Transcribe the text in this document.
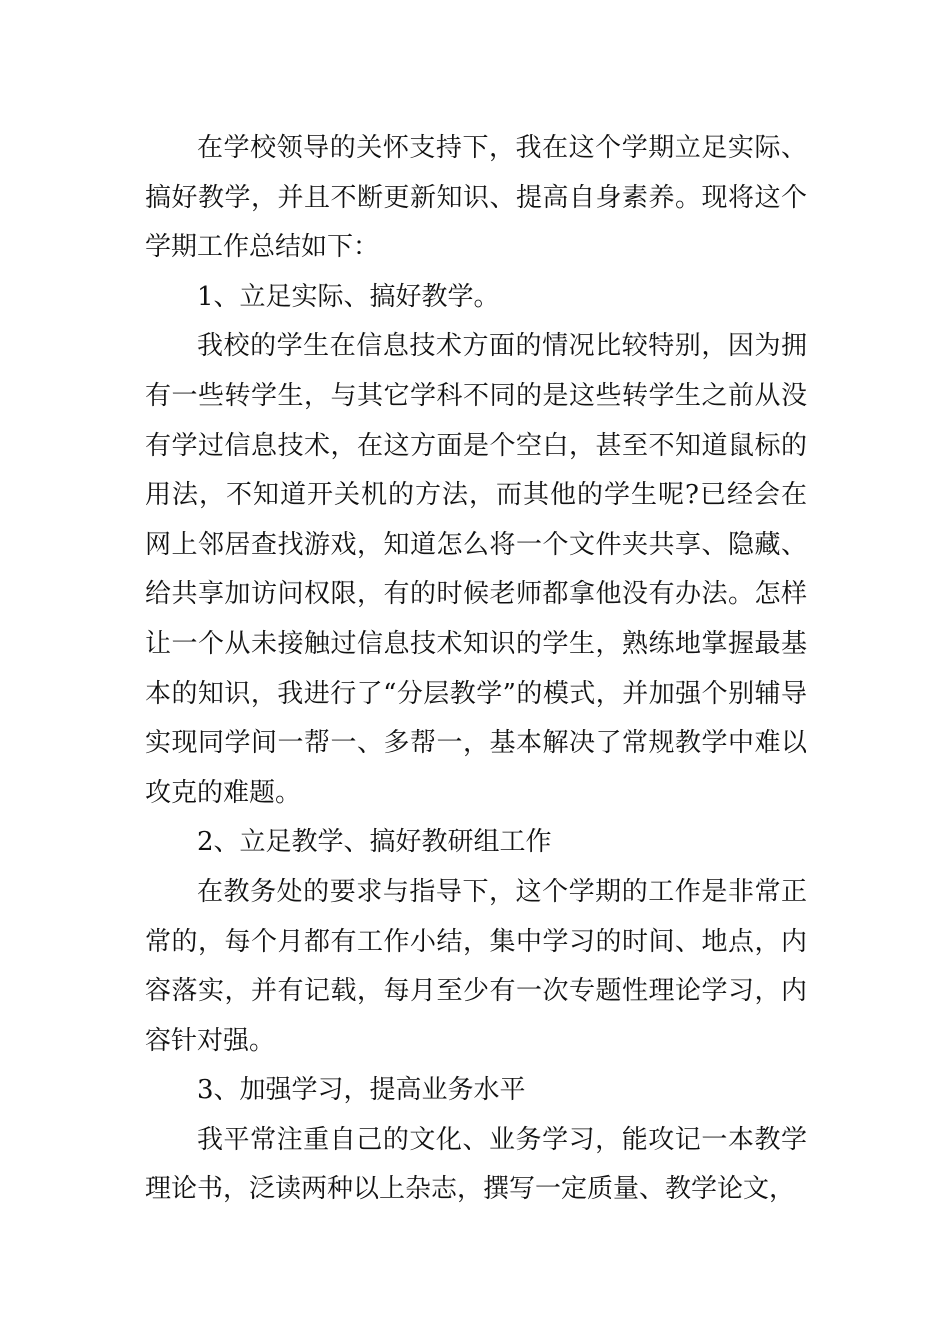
在学校领导的关怀支持下，我在这个学期立足实际、搞好教学，并且不断更新知识、提高自身素养。现将这个学期工作总结如下：

1、立足实际、搞好教学。

我校的学生在信息技术方面的情况比较特别，因为拥有一些转学生，与其它学科不同的是这些转学生之前从没有学过信息技术，在这方面是个空白，甚至不知道鼠标的用法，不知道开关机的方法，而其他的学生呢?已经会在网上邻居查找游戏，知道怎么将一个文件夹共享、隐藏、给共享加访问权限，有的时候老师都拿他没有办法。怎样让一个从未接触过信息技术知识的学生，熟练地掌握最基本的知识，我进行了“分层教学”的模式，并加强个别辅导实现同学间一帮一、多帮一，基本解决了常规教学中难以攻克的难题。

2、立足教学、搞好教研组工作

在教务处的要求与指导下，这个学期的工作是非常正常的，每个月都有工作小结，集中学习的时间、地点，内容落实，并有记载，每月至少有一次专题性理论学习，内容针对强。

3、加强学习，提高业务水平

我平常注重自己的文化、业务学习，能攻记一本教学理论书，泛读两种以上杂志，撰写一定质量、教学论文，
